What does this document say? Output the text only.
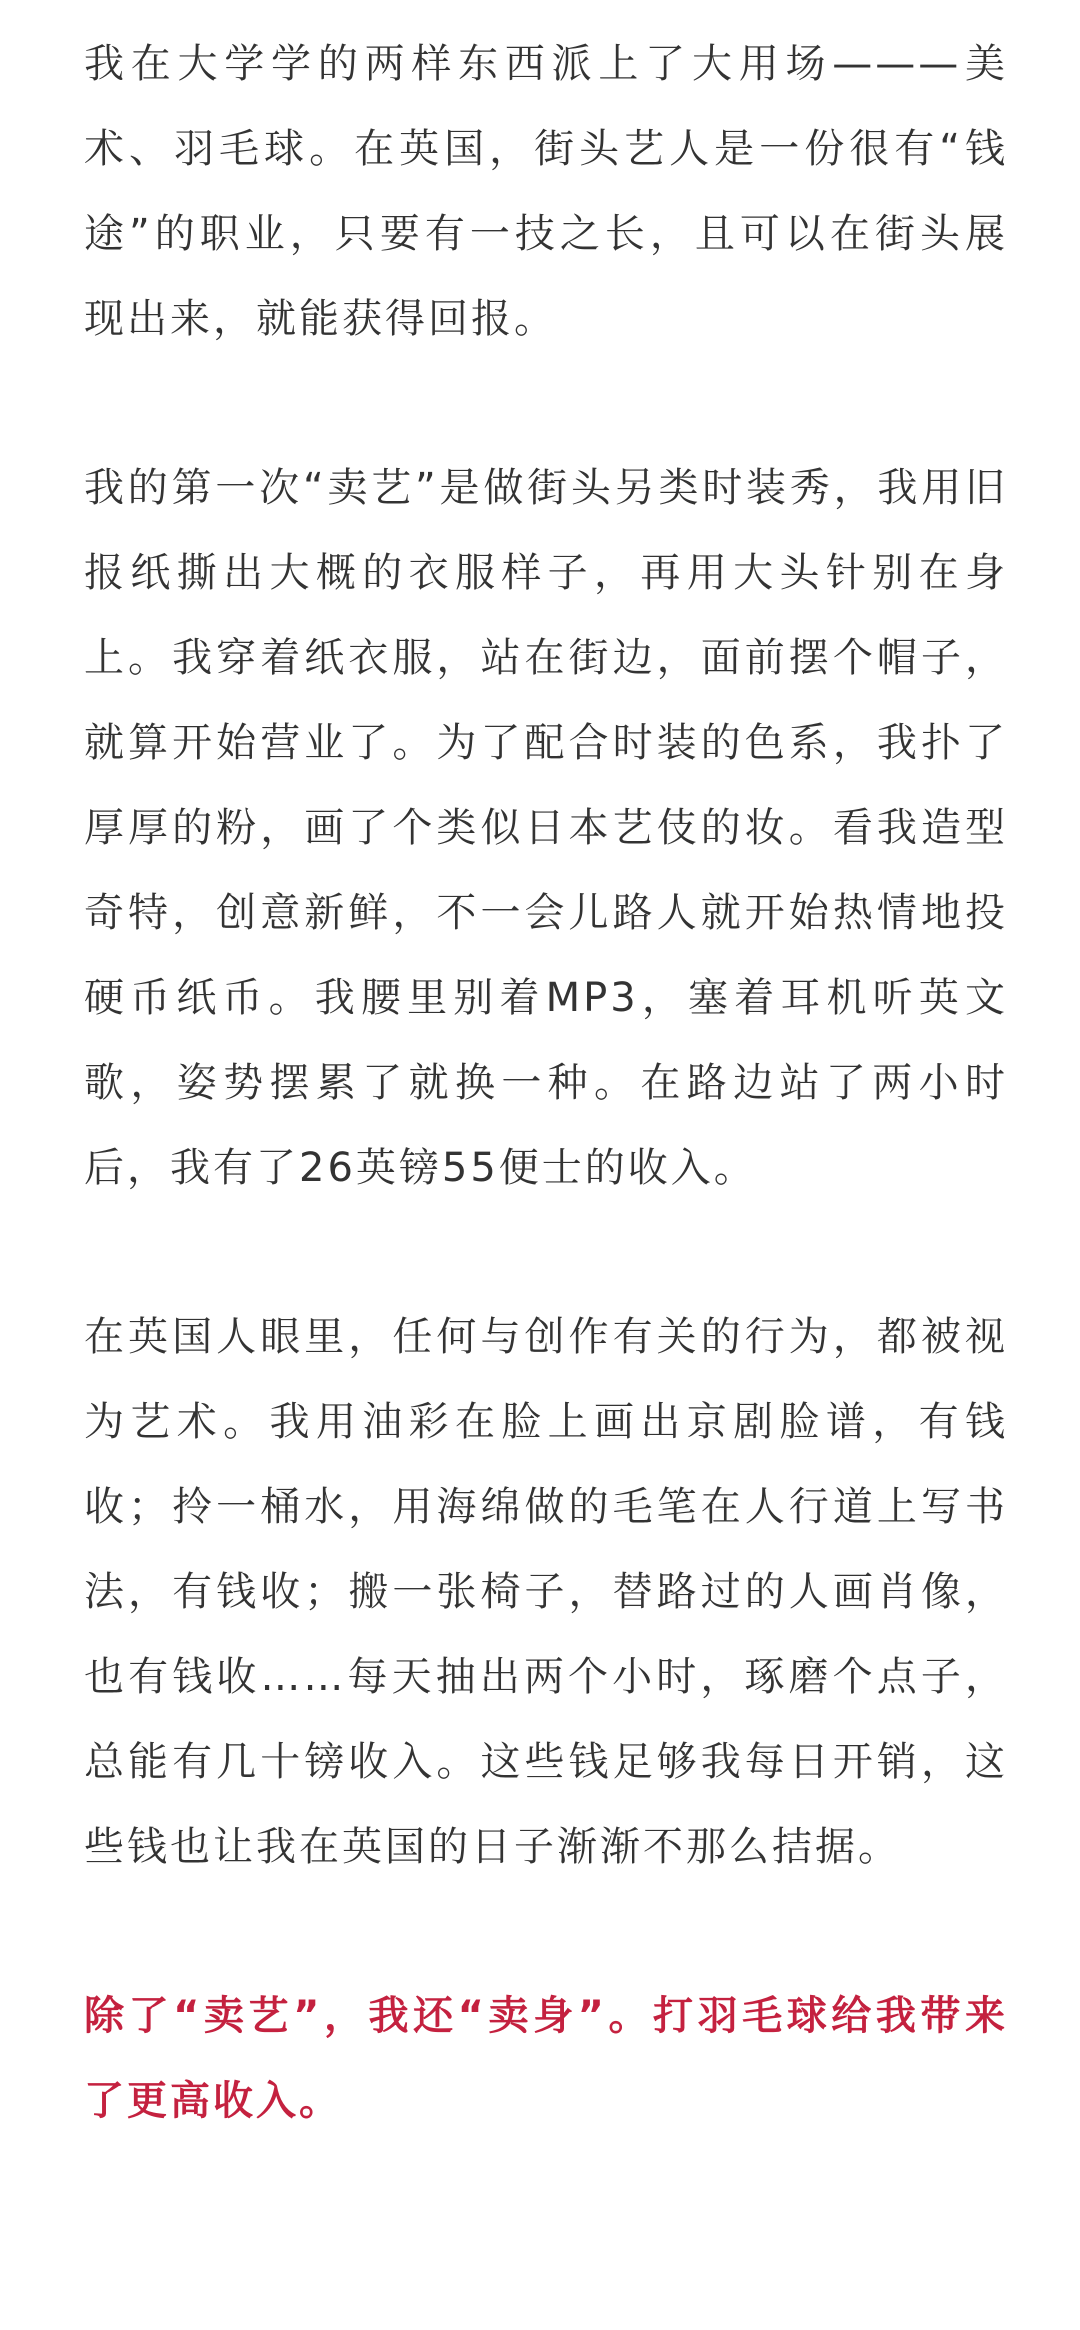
我在大学学的两样东西派上了大用场———美术、羽毛球。在英国，街头艺人是一份很有“钱途”的职业，只要有一技之长，且可以在街头展现出来，就能获得回报。

我的第一次“卖艺”是做街头另类时装秀，我用旧报纸撕出大概的衣服样子，再用大头针别在身上。我穿着纸衣服，站在街边，面前摆个帽子，就算开始营业了。为了配合时装的色系，我扑了厚厚的粉，画了个类似日本艺伎的妆。看我造型奇特，创意新鲜，不一会儿路人就开始热情地投硬币纸币。我腰里别着MP3，塞着耳机听英文歌，姿势摆累了就换一种。在路边站了两小时后，我有了26英镑55便士的收入。

在英国人眼里，任何与创作有关的行为，都被视为艺术。我用油彩在脸上画出京剧脸谱，有钱收；拎一桶水，用海绵做的毛笔在人行道上写书法，有钱收；搬一张椅子，替路过的人画肖像，也有钱收……每天抽出两个小时，琢磨个点子，总能有几十镑收入。这些钱足够我每日开销，这些钱也让我在英国的日子渐渐不那么拮据。

除了“卖艺”，我还“卖身”。打羽毛球给我带来了更高收入。
